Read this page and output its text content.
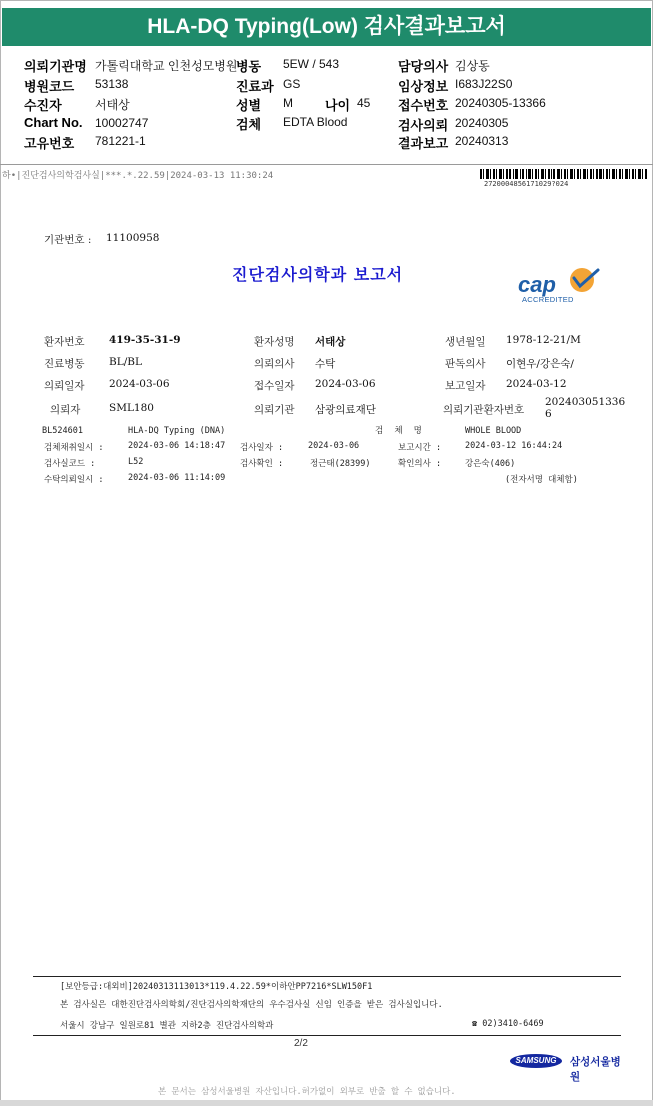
HLA-DQ Typing(Low) 검사결과보고서
의뢰기관명 가톨릭대학교 인천성모병원
병동 5EW / 543	담당의사 김상동
병원코드 53138	진료과 GS	임상정보 I683J22S0
수진자	서태상	성별 M 나이 45 접수번호 20240305-13366
Chart No. 10002747	검체 EDTA Blood	검사의뢰 20240305
고유번호 781221-1	결과보고 20240313
하•|진단검사의학검사실|***.*.22.59|2024-03-13 11:30:24
2720004856171029?024
기관번호 : 11100958
진단검사의학과 보고서	cap
ACCREDITED
환자번호 419-35-31-9	환자성명 서태상	생년월일 1978-12-21/M
진료병동 BL/BL	의뢰의사 수탁	판독의사 이현우/강은숙/
의뢰일자 2024-03-06	접수일자 2024-03-06	보고일자 2024-03-12
의뢰자	SML180	의뢰기관 삼광의료재단	의뢰기관환자번호
202403051336
6
BL524601	HLA-DQ Typing (DNA)	검 체 명	WHOLE BLOOD
검체채취일시 :	2024-03-06 14:18:47 검사일자 :	2024-03-06	보고시간 :	2024-03-12 16:44:24
검사실코드 :	L52	검사확인 :	정근태(28399)	확인의사 :	강은숙(406)
수탁의뢰일시 :	2024-03-06 11:14:09	(전자서명 대체함)
[보안등급:대외비]20240313113013*119.4.22.59*이하안PP7216*SLW150F1
본 검사실은 대한진단검사의학회/진단검사의학재단의 우수검사실 신임 인증을 받은 검사실입니다.
서울시 강남구 일원로81 별관 지하2층 진단검사의학과	☎ 02)3410-6469
2/2
SAMSUNG	삼성서울병원
본 문서는 삼성서울병원 자산입니다.허가없이 외부로 반출 할 수 없습니다.
